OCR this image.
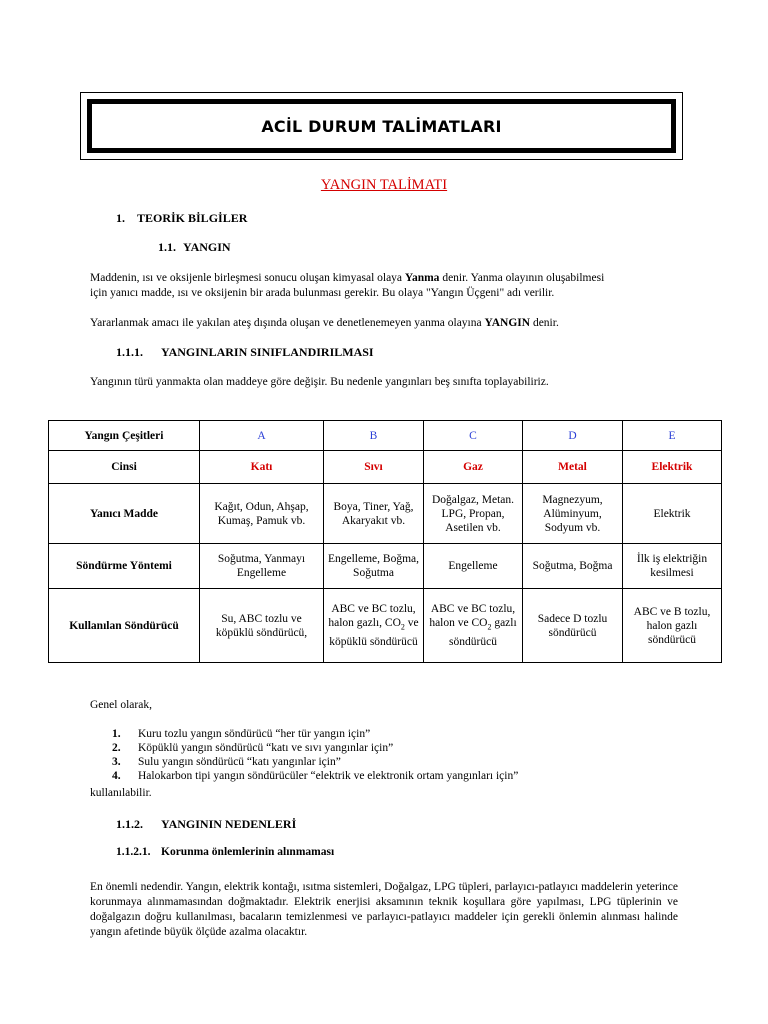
ACİL DURUM TALİMATLARI
YANGIN TALİMATI
1. TEORİK BİLGİLER
1.1. YANGIN

Maddenin, ısı ve oksijenle birleşmesi sonucu oluşan kimyasal olaya Yanma denir. Yanma olayının oluşabilmesi
için yanıcı madde, ısı ve oksijenin bir arada bulunması gerekir. Bu olaya "Yangın Üçgeni" adı verilir.

Yararlanmak amacı ile yakılan ateş dışında oluşan ve denetlenemeyen yanma olayına YANGIN denir.

1.1.1. YANGINLARIN SINIFLANDIRILMASI

Yangının türü yanmakta olan maddeye göre değişir. Bu nedenle yangınları beş sınıfta toplayabiliriz.

Yangın Çeşitleri	A	B	C	D	E
Cinsi	Katı	Sıvı	Gaz	Metal	Elektrik
Yanıcı Madde	Kağıt, Odun, Ahşap, Kumaş, Pamuk vb.	Boya, Tiner, Yağ, Akaryakıt vb.	Doğalgaz, Metan. LPG, Propan, Asetilen vb.	Magnezyum, Alüminyum, Sodyum vb.	Elektrik
Söndürme Yöntemi	Soğutma, Yanmayı Engelleme	Engelleme, Boğma, Soğutma	Engelleme	Soğutma, Boğma	İlk iş elektriğin kesilmesi
Kullanılan Söndürücü	Su, ABC tozlu ve köpüklü söndürücü,	ABC ve BC tozlu, halon gazlı, $CO_2$ ve köpüklü söndürücü	ABC ve BC tozlu, halon ve $CO_2$ gazlı söndürücü	Sadece D tozlu söndürücü	ABC ve B tozlu, halon gazlı söndürücü

Genel olarak,

1. Kuru tozlu yangın söndürücü “her tür yangın için”
2. Köpüklü yangın söndürücü “katı ve sıvı yangınlar için”
3. Sulu yangın söndürücü “katı yangınlar için”
4. Halokarbon tipi yangın söndürücüler “elektrik ve elektronik ortam yangınları için”

kullanılabilir.

1.1.2. YANGININ NEDENLERİ
1.1.2.1. Korunma önlemlerinin alınmaması

En önemli nedendir. Yangın, elektrik kontağı, ısıtma sistemleri, Doğalgaz, LPG tüpleri, parlayıcı-patlayıcı maddelerin yeterince korunmaya alınmamasından doğmaktadır. Elektrik enerjisi aksamının teknik koşullara göre yapılması, LPG tüplerinin ve doğalgazın doğru kullanılması, bacaların temizlenmesi ve parlayıcı-patlayıcı maddeler için gerekli önlemin alınması halinde yangın afetinde büyük ölçüde azalma olacaktır.
